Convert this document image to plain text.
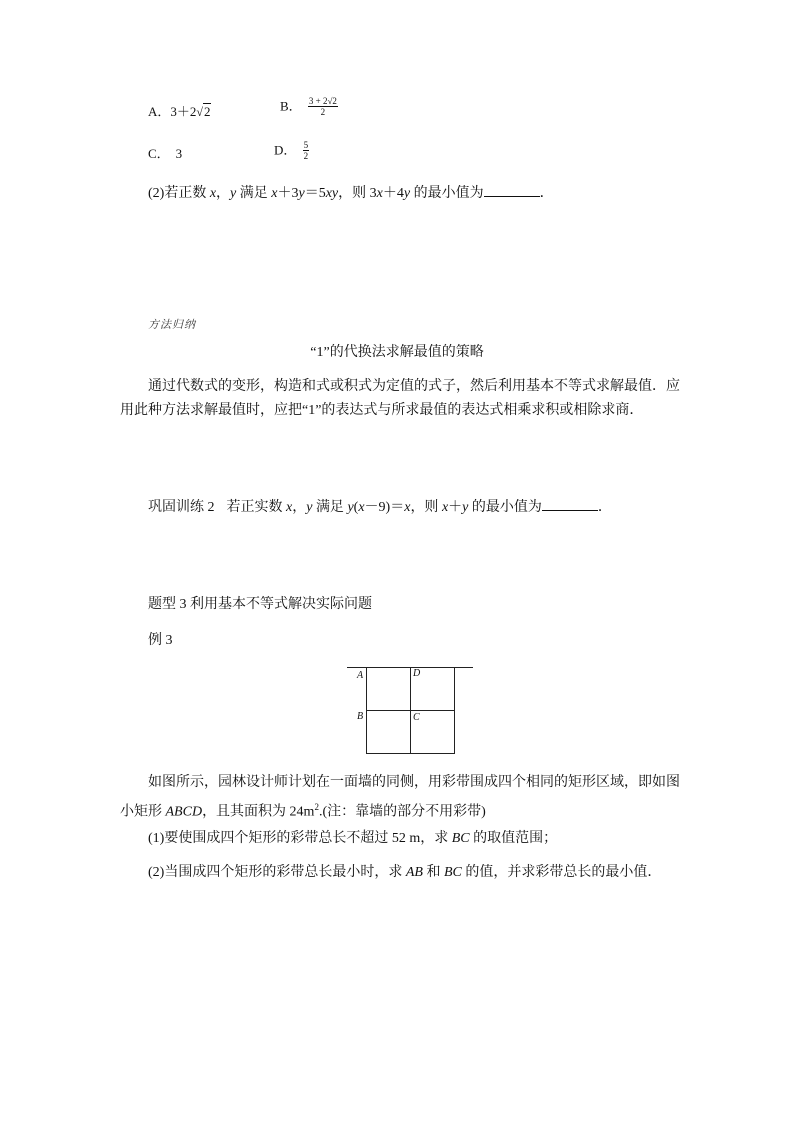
A．3＋2√2	B． $\frac{3 + 2√2}{2}$
C． 3	D． $\frac{5}{2}$
(2)若正数 x，y 满足 x＋3y＝5xy，则 3x＋4y 的最小值为	．
方法归纳
“1”的代换法求解最值的策略
通过代数式的变形，构造和式或积式为定值的式子，然后利用基本不等式求解最值．应
用此种方法求解最值时，应把“1”的表达式与所求最值的表达式相乘求积或相除求商．
巩固训练 2 若正实数 x，y 满足 y(x－9)＝x，则 x＋y 的最小值为	．
题型 3 利用基本不等式解决实际问题
例 3
A	D
B	C
如图所示，园林设计师计划在一面墙的同侧，用彩带围成四个相同的矩形区域，即如图
小矩形 ABCD，且其面积为 $24m^2$.(注：靠墙的部分不用彩带)
(1)要使围成四个矩形的彩带总长不超过 52 m，求 BC 的取值范围；
(2)当围成四个矩形的彩带总长最小时，求 AB 和 BC 的值，并求彩带总长的最小值．
